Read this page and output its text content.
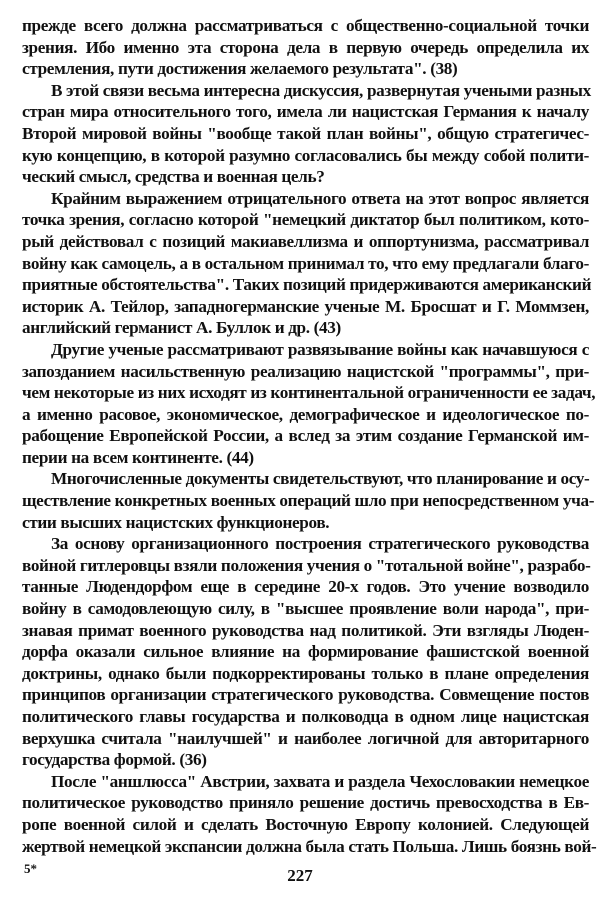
прежде всего должна рассматриваться с общественно-социальной точки
зрения. Ибо именно эта сторона дела в первую очередь определила их
стремления, пути достижения желаемого результата". (38)
В этой связи весьма интересна дискуссия, развернутая учеными разных
стран мира относительного того, имела ли нацистская Германия к началу
Второй мировой войны "вообще такой план войны", общую стратегичес-
кую концепцию, в которой разумно согласовались бы между собой полити-
ческий смысл, средства и военная цель?
Крайним выражением отрицательного ответа на этот вопрос является
точка зрения, согласно которой "немецкий диктатор был политиком, кото-
рый действовал с позиций макиавеллизма и оппортунизма, рассматривал
войну как самоцель, а в остальном принимал то, что ему предлагали благо-
приятные обстоятельства". Таких позиций придерживаются американский
историк А. Тейлор, западногерманские ученые М. Бросшат и Г. Моммзен,
английский германист А. Буллок и др. (43)
Другие ученые рассматривают развязывание войны как начавшуюся с
запозданием насильственную реализацию нацистской "программы", при-
чем некоторые из них исходят из континентальной ограниченности ее задач,
а именно расовое, экономическое, демографическое и идеологическое по-
рабощение Европейской России, а вслед за этим создание Германской им-
перии на всем континенте. (44)
Многочисленные документы свидетельствуют, что планирование и осу-
ществление конкретных военных операций шло при непосредственном уча-
стии высших нацистских функционеров.
За основу организационного построения стратегического руководства
войной гитлеровцы взяли положения учения о "тотальной войне", разрабо-
танные Людендорфом еще в середине 20-х годов. Это учение возводило
войну в самодовлеющую силу, в "высшее проявление воли народа", при-
знавая примат военного руководства над политикой. Эти взгляды Люден-
дорфа оказали сильное влияние на формирование фашистской военной
доктрины, однако были подкорректированы только в плане определения
принципов организации стратегического руководства. Совмещение постов
политического главы государства и полководца в одном лице нацистская
верхушка считала "наилучшей" и наиболее логичной для авторитарного
государства формой. (36)
После "аншлюсса" Австрии, захвата и раздела Чехословакии немецкое
политическое руководство приняло решение достичь превосходства в Ев-
ропе военной силой и сделать Восточную Европу колонией. Следующей
жертвой немецкой экспансии должна была стать Польша. Лишь боязнь вой-
5*	227
